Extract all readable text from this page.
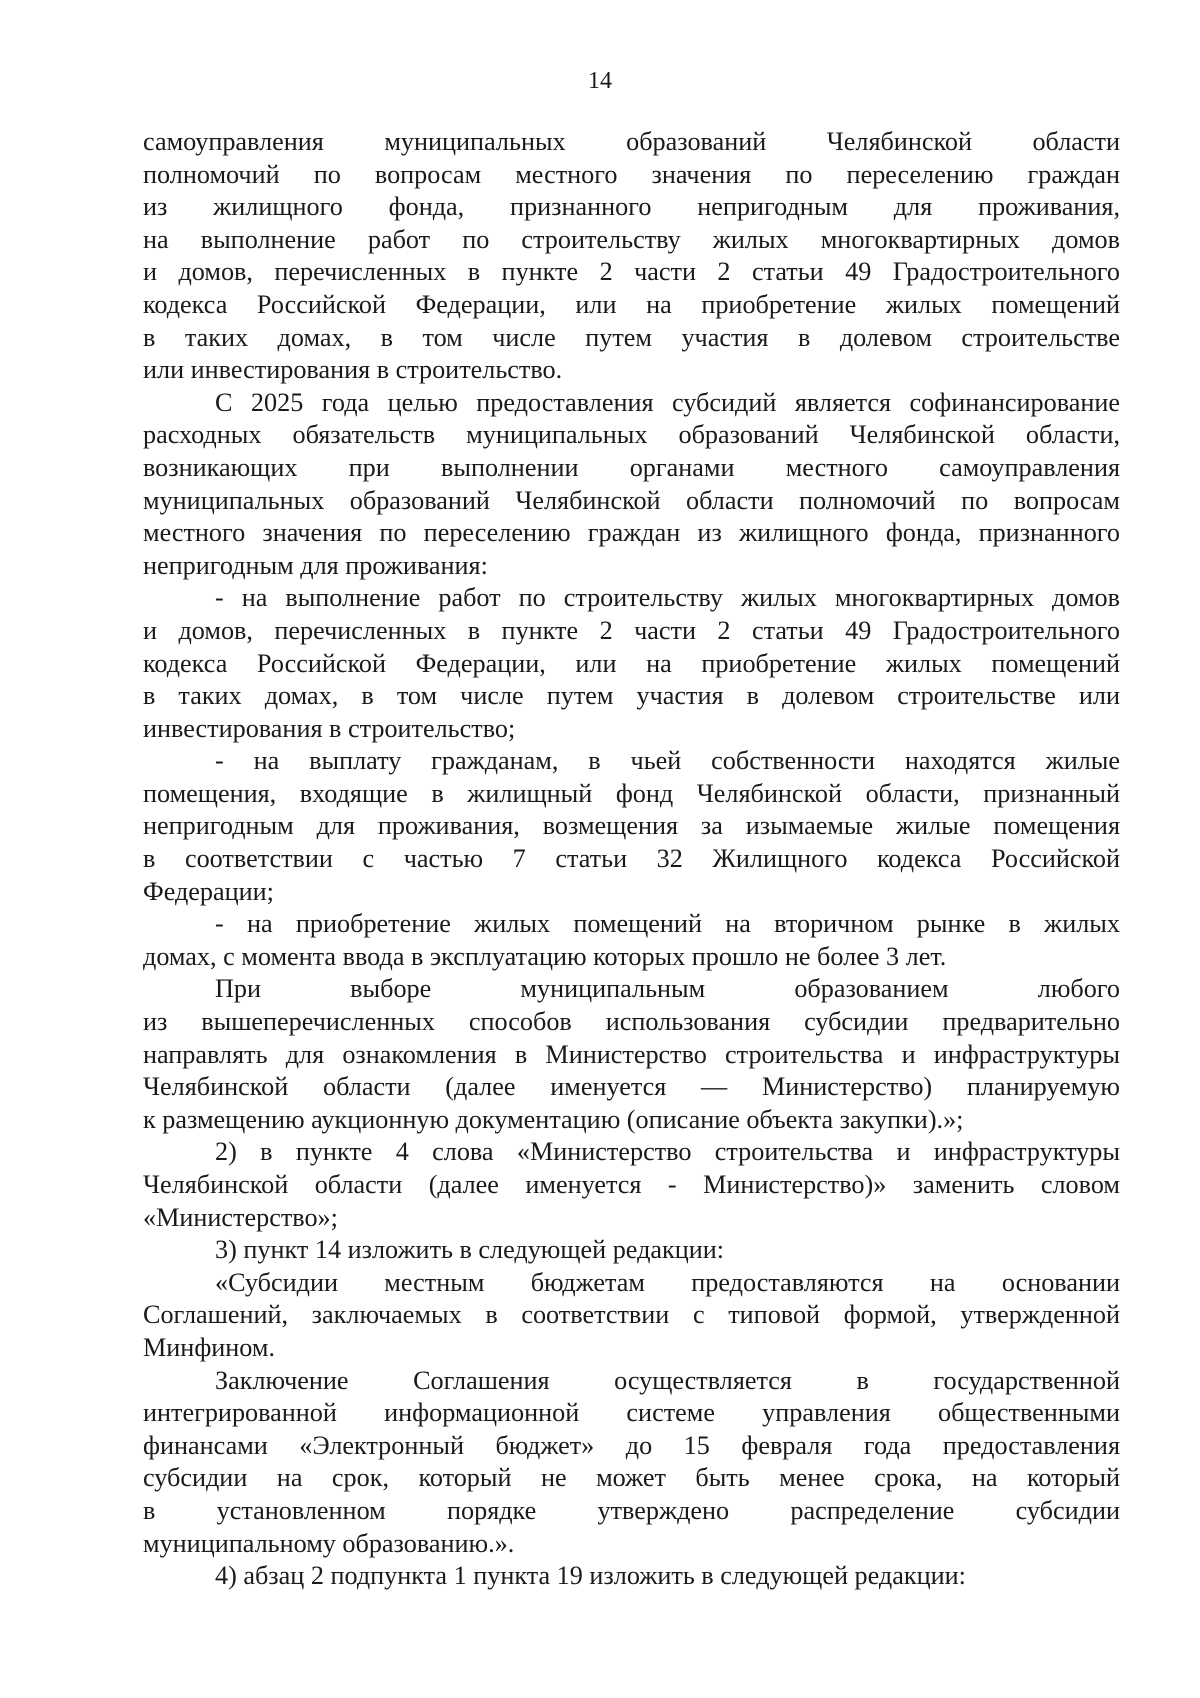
14

самоуправления муниципальных образований Челябинской области
полномочий по вопросам местного значения по переселению граждан
из жилищного фонда, признанного непригодным для проживания,
на выполнение работ по строительству жилых многоквартирных домов
и домов, перечисленных в пункте 2 части 2 статьи 49 Градостроительного
кодекса Российской Федерации, или на приобретение жилых помещений
в таких домах, в том числе путем участия в долевом строительстве
или инвестирования в строительство.

С 2025 года целью предоставления субсидий является софинансирование
расходных обязательств муниципальных образований Челябинской области,
возникающих при выполнении органами местного самоуправления
муниципальных образований Челябинской области полномочий по вопросам
местного значения по переселению граждан из жилищного фонда, признанного
непригодным для проживания:

- на выполнение работ по строительству жилых многоквартирных домов
и домов, перечисленных в пункте 2 части 2 статьи 49 Градостроительного
кодекса Российской Федерации, или на приобретение жилых помещений
в таких домах, в том числе путем участия в долевом строительстве или
инвестирования в строительство;

- на выплату гражданам, в чьей собственности находятся жилые
помещения, входящие в жилищный фонд Челябинской области, признанный
непригодным для проживания, возмещения за изымаемые жилые помещения
в соответствии с частью 7 статьи 32 Жилищного кодекса Российской
Федерации;

- на приобретение жилых помещений на вторичном рынке в жилых
домах, с момента ввода в эксплуатацию которых прошло не более 3 лет.

При выборе муниципальным образованием любого
из вышеперечисленных способов использования субсидии предварительно
направлять для ознакомления в Министерство строительства и инфраструктуры
Челябинской области (далее именуется — Министерство) планируемую
к размещению аукционную документацию (описание объекта закупки).»;

2) в пункте 4 слова «Министерство строительства и инфраструктуры
Челябинской области (далее именуется - Министерство)» заменить словом
«Министерство»;

3) пункт 14 изложить в следующей редакции:

«Субсидии местным бюджетам предоставляются на основании
Соглашений, заключаемых в соответствии с типовой формой, утвержденной
Минфином.

Заключение Соглашения осуществляется в государственной
интегрированной информационной системе управления общественными
финансами «Электронный бюджет» до 15 февраля года предоставления
субсидии на срок, который не может быть менее срока, на который
в установленном порядке утверждено распределение субсидии
муниципальному образованию.».

4) абзац 2 подпункта 1 пункта 19 изложить в следующей редакции:
